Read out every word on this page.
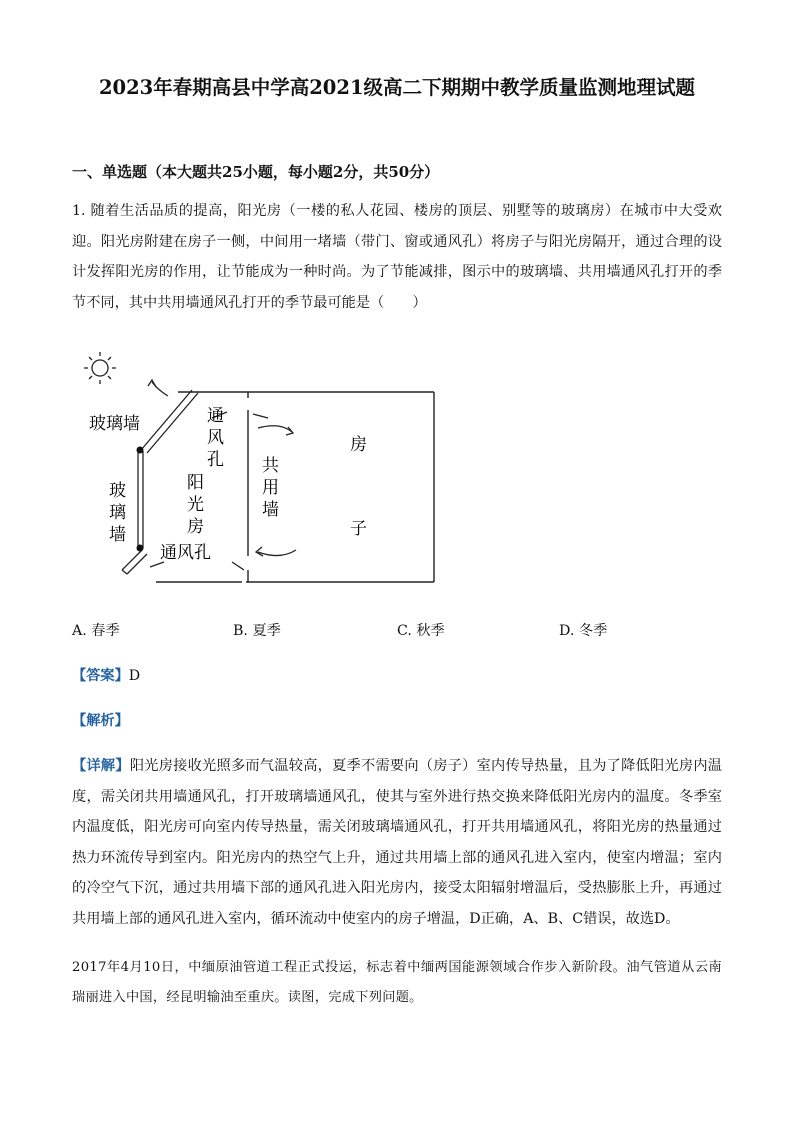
2023年春期高县中学高2021级高二下期期中教学质量监测地理试题
一、单选题（本大题共25小题，每小题2分，共50分）
1. 随着生活品质的提高，阳光房（一楼的私人花园、楼房的顶层、别墅等的玻璃房）在城市中大受欢迎。阳光房附建在房子一侧，中间用一堵墙（带门、窗或通风孔）将房子与阳光房隔开，通过合理的设计发挥阳光房的作用，让节能成为一种时尚。为了节能减排，图示中的玻璃墙、共用墙通风孔打开的季节不同，其中共用墙通风孔打开的季节最可能是（　　）
玻璃墙
玻
璃
墙
通
风
孔
阳
光
房
共
用
墙
房
子
通风孔
A. 春季	B. 夏季	C. 秋季	D. 冬季
【答案】D
【解析】
【详解】阳光房接收光照多而气温较高，夏季不需要向（房子）室内传导热量，且为了降低阳光房内温度，需关闭共用墙通风孔，打开玻璃墙通风孔，使其与室外进行热交换来降低阳光房内的温度。冬季室内温度低，阳光房可向室内传导热量，需关闭玻璃墙通风孔，打开共用墙通风孔，将阳光房的热量通过热力环流传导到室内。阳光房内的热空气上升，通过共用墙上部的通风孔进入室内，使室内增温；室内的冷空气下沉，通过共用墙下部的通风孔进入阳光房内，接受太阳辐射增温后，受热膨胀上升，再通过共用墙上部的通风孔进入室内，循环流动中使室内的房子增温，D正确，A、B、C错误，故选D。
2017年4月10日，中缅原油管道工程正式投运，标志着中缅两国能源领域合作步入新阶段。油气管道从云南瑞丽进入中国，经昆明输油至重庆。读图，完成下列问题。
